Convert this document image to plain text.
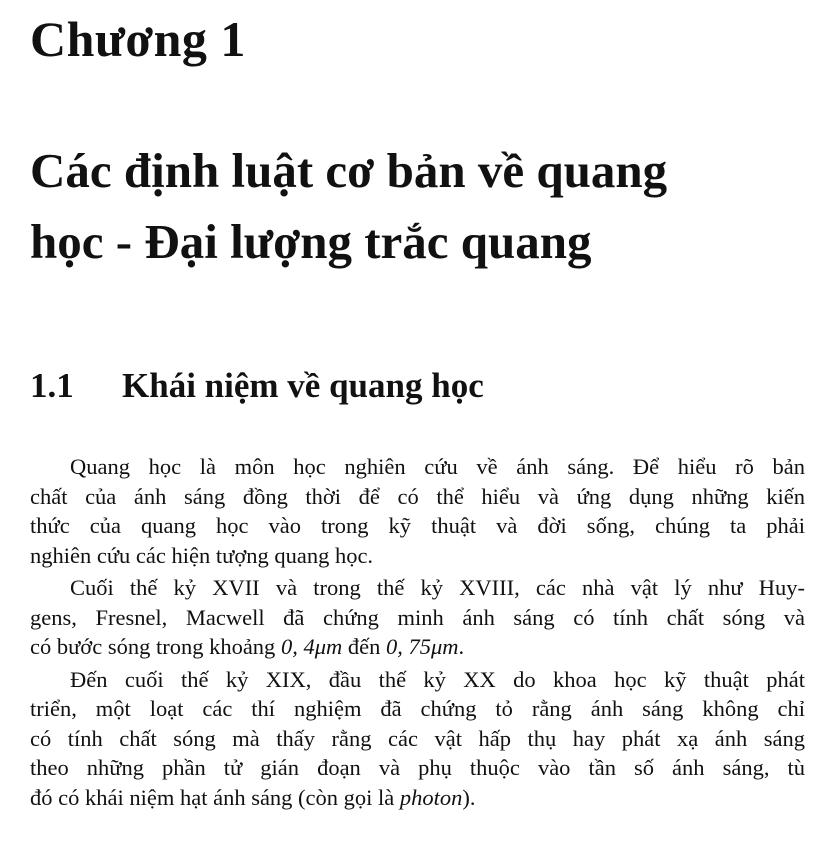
Chương 1
Các định luật cơ bản về quang
học - Đại lượng trắc quang
1.1 Khái niệm về quang học

Quang học là môn học nghiên cứu về ánh sáng. Để hiểu rõ bản
chất của ánh sáng đồng thời để có thể hiểu và ứng dụng những kiến
thức của quang học vào trong kỹ thuật và đời sống, chúng ta phải
nghiên cứu các hiện tượng quang học.

Cuối thế kỷ XVII và trong thế kỷ XVIII, các nhà vật lý như Huy-
gens, Fresnel, Macwell đã chứng minh ánh sáng có tính chất sóng và
có bước sóng trong khoảng 0, 4μm đến 0, 75μm.

Đến cuối thế kỷ XIX, đầu thế kỷ XX do khoa học kỹ thuật phát
triển, một loạt các thí nghiệm đã chứng tỏ rằng ánh sáng không chỉ
có tính chất sóng mà thấy rằng các vật hấp thụ hay phát xạ ánh sáng
theo những phần tử gián đoạn và phụ thuộc vào tần số ánh sáng, tù
đó có khái niệm hạt ánh sáng (còn gọi là photon).
